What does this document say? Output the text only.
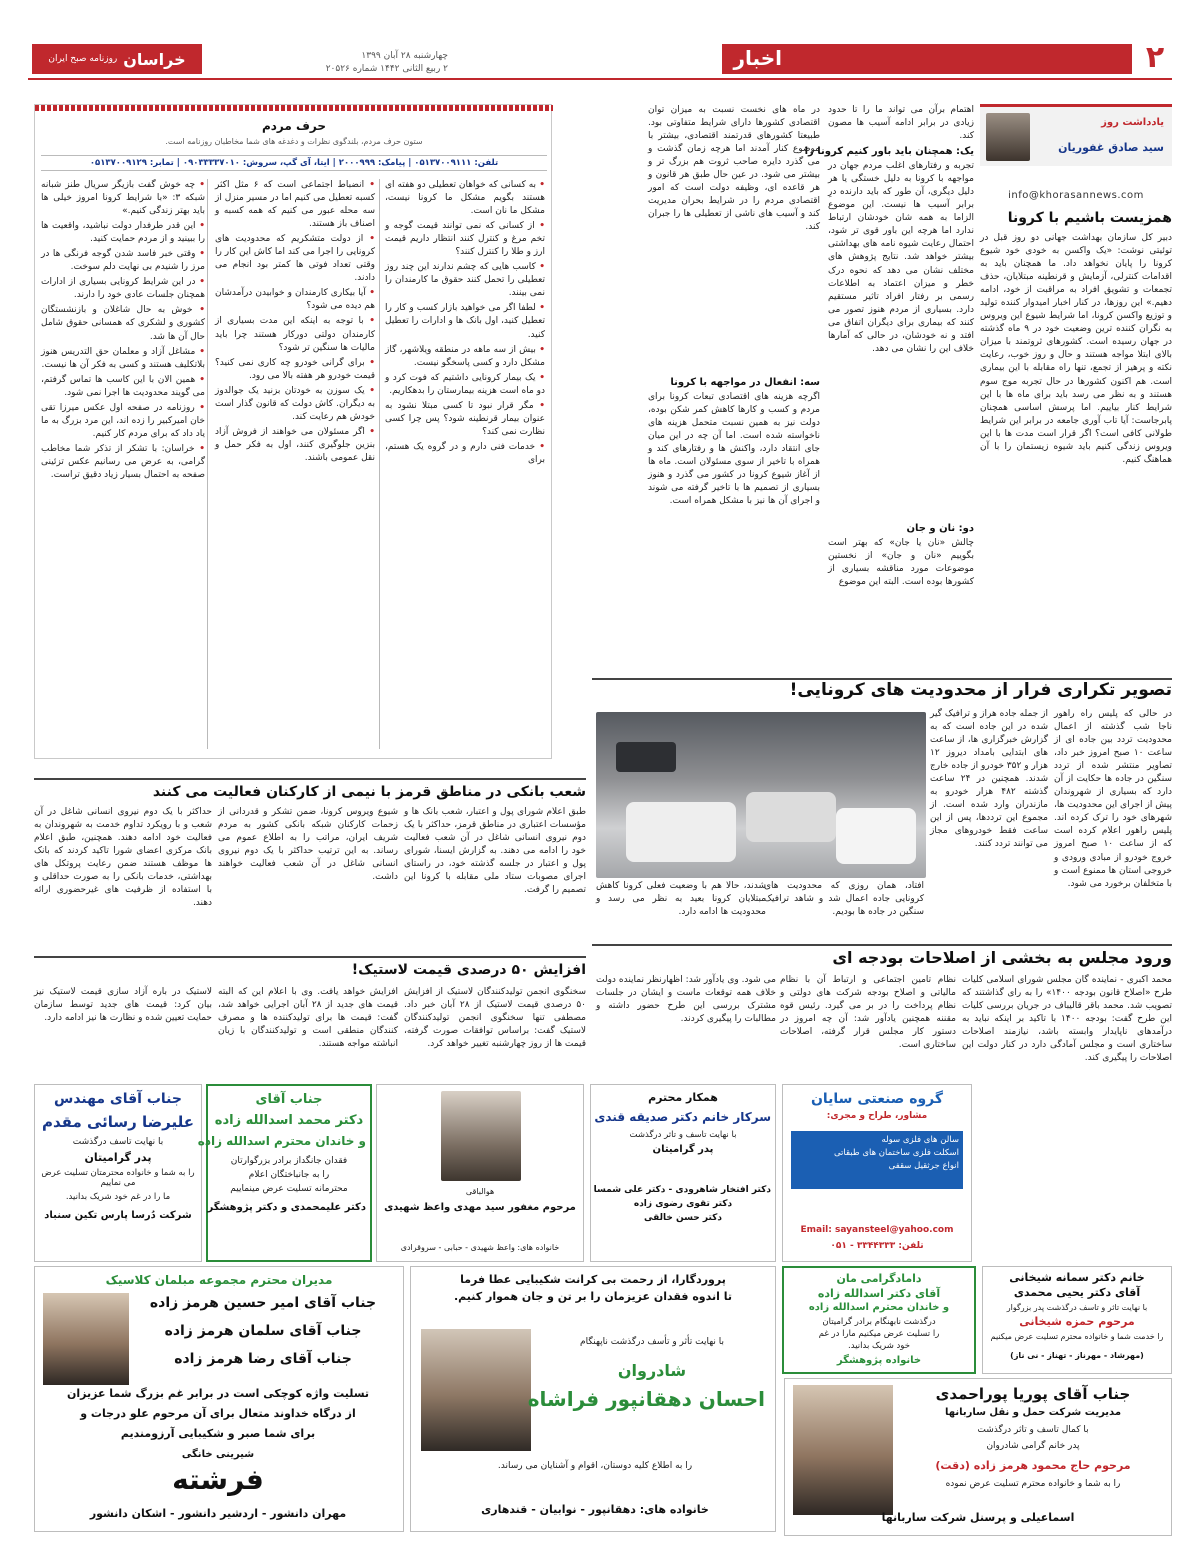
۲
اخبار
چهارشنبه ۲۸ آبان ۱۳۹۹
۲ ربیع الثانی ۱۴۴۲ شماره ۲۰۵۲۶
خراسان
روزنامه صبح ایران
یادداشت روز
سید صادق غفوریان
info@khorasannews.com
همزیست باشیم با کرونا
دبیر کل سازمان بهداشت جهانی دو روز قبل در توئیتی نوشت: «یک واکسن به خودی خود شیوع کرونا را پایان نخواهد داد. ما همچنان باید به اقدامات کنترلی، آزمایش و قرنطینه مبتلایان، حذف تجمعات و تشویق افراد به مراقبت از خود، ادامه دهیم.» این روزها، در کنار اخبار امیدوار کننده تولید و توزیع واکسن کرونا، اما شرایط شیوع این ویروس به نگران کننده ترین وضعیت خود در ۹ ماه گذشته در جهان رسیده است. کشورهای ثروتمند با میزان بالای ابتلا مواجه هستند و حال و روز خوب، رعایت نکته و پرهیز از تجمع، تنها راه مقابله با این بیماری است. هم اکنون کشورها در حال تجربه موج سوم هستند و به نظر می رسد باید برای ماه ها با این شرایط کنار بیاییم. اما پرسش اساسی همچنان پابرجاست: آیا تاب آوری جامعه در برابر این شرایط طولانی کافی است؟ اگر قرار است مدت ها با این ویروس زندگی کنیم باید شیوه زیستمان را با آن هماهنگ کنیم.
اهتمام برآن می تواند ما را تا حدود زیادی در برابر ادامه آسیب ها مصون کند.
یک: همچنان باید باور کنیم کرونا را
تجربه و رفتارهای اغلب مردم جهان در مواجهه با کرونا به دلیل خستگی یا هر دلیل دیگری، آن طور که باید دارنده درِ برابر آسیب ها نیست. این موضوع الزاما به همه شان خودشان ارتباط ندارد اما هرچه این باور قوی تر شود، احتمال رعایت شیوه نامه های بهداشتی بیشتر خواهد شد. نتایج پژوهش های مختلف نشان می دهد که نحوه درک خطر و میزان اعتماد به اطلاعات رسمی بر رفتار افراد تاثیر مستقیم دارد. بسیاری از مردم هنوز تصور می کنند که بیماری برای دیگران اتفاق می افتد و نه خودشان، در حالی که آمارها خلاف این را نشان می دهد.
دو: نان و جان
چالش «نان یا جان» که بهتر است بگوییم «نان و جان» از نخستین موضوعات مورد مناقشه بسیاری از کشورها بوده است. البته این موضوع
در ماه های نخست نسبت به میزان توان اقتصادی کشورها دارای شرایط متفاوتی بود. طبیعتا کشورهای قدرتمند اقتصادی، بیشتر با موضوع کنار آمدند اما هرچه زمان گذشت و می گذرد دایره صاحب ثروت هم بزرگ تر و بیشتر می شود. در عین حال طبق هر قانون و هر قاعده ای، وظیفه دولت است که امور اقتصادی مردم را در شرایط بحران مدیریت کند و آسیب های ناشی از تعطیلی ها را جبران کند.
سه: انفعال در مواجهه با کرونا
اگرچه هزینه های اقتصادی تبعات کرونا برای مردم و کسب و کارها کاهش کمر شکن بوده، دولت نیز به همین نسبت متحمل هزینه های ناخواسته شده است. اما آن چه در این میان جای انتقاد دارد، واکنش ها و رفتارهای کند و همراه با تاخیر از سوی مسئولان است. ماه ها از آغاز شیوع کرونا در کشور می گذرد و هنوز بسیاری از تصمیم ها با تاخیر گرفته می شوند و اجرای آن ها نیز با مشکل همراه است.
حرف مردم
ستون حرف مردم، بلندگوی نظرات و دغدغه های شما مخاطبان روزنامه است.
تلفن: ۰۵۱۳۷۰۰۹۱۱۱ | پیامک: ۲۰۰۰۹۹۹ | ایتا، آی گپ، سروش: ۰۹۰۳۳۳۳۷۰۱۰ | تمابر: ۰۵۱۳۷۰۰۹۱۲۹
• به کسانی که خواهان تعطیلی دو هفته ای هستند بگویم مشکل ما کرونا نیست، مشکل ما نان است.
• از کسانی که نمی توانند قیمت گوجه و تخم مرغ و کنترل کنند انتظار داریم قیمت ارز و طلا را کنترل کنند؟
• کاسب هایی که چشم ندارند این چند روز تعطیلی را تحمل کنند حقوق ما کارمندان را نمی بینند.
• لطفا اگر می خواهید بازار کسب و کار را تعطیل کنید، اول بانک ها و ادارات را تعطیل کنید.
• بیش از سه ماهه در منطقه ویلاشهر، گاز مشکل دارد و کسی پاسخگو نیست.
• یک بیمار کرونایی داشتیم که فوت کرد و دو ماه است هزینه بیمارستان را بدهکاریم.
• مگر قرار نبود تا کسی مبتلا نشود به عنوان بیمار قرنطینه شود؟ پس چرا کسی نظارت نمی کند؟
• خدمات فنی دارم و در گروه یک هستم، برای
• انضباط اجتماعی است که ۶ مثل اکثر کسبه تعطیل می کنیم اما در مسیر منزل از سه محله عبور می کنیم که همه کسبه و اصناف باز هستند.
• از دولت متشکریم که محدودیت های کرونایی را اجرا می کند اما کاش این کار را وقتی تعداد فوتی ها کمتر بود انجام می دادند.
• آیا بیکاری کارمندان و خوابیدن درآمدشان هم دیده می شود؟
• با توجه به اینکه این مدت بسیاری از کارمندان دولتی دورکار هستند چرا باید مالیات ها سنگین تر شود؟
• برای گرانی خودرو چه کاری نمی کنید؟ قیمت خودرو هر هفته بالا می رود.
• یک سوزن به خودتان بزنید یک جوالدوز به دیگران. کاش دولت که قانون گذار است خودش هم رعایت کند.
• اگر مسئولان می خواهند از فروش آزاد بنزین جلوگیری کنند، اول به فکر حمل و نقل عمومی باشند.
• چه خوش گفت بازیگر سریال طنز شبانه شبکه ۳: «با شرایط کرونا امروز خیلی ها باید بهتر زندگی کنیم.»
• این قدر طرفدار دولت نباشید، واقعیت ها را ببینید و از مردم حمایت کنید.
• وقتی خبر فاسد شدن گوجه فرنگی ها در مرز را شنیدم بی نهایت دلم سوخت.
• در این شرایط کرونایی بسیاری از ادارات همچنان جلسات عادی خود را دارند.
• خوش به حال شاغلان و بازنشستگان کشوری و لشکری که همسانی حقوق شامل حال آن ها شد.
• مشاغل آزاد و معلمان حق التدریس هنوز بلاتکلیف هستند و کسی به فکر آن ها نیست.
• همین الان با این کاسب ها تماس گرفتم، می گویند محدودیت ها اجرا نمی شود.
• روزنامه در صفحه اول عکس میرزا تقی خان امیرکبیر را زده اند، این مرد بزرگ به ما یاد داد که برای مردم کار کنیم.
• خراسان: با تشکر از تذکر شما مخاطب گرامی، به عرض می رسانیم عکس تزئینی صفحه به احتمال بسیار زیاد دقیق تراست.
تصویر تکراری فرار از محدودیت های کرونایی!
در حالی که پلیس راه راهور ناجا شب گذشته از اعمال محدودیت تردد بین جاده ای از ساعت ۱۰ صبح امروز خبر داد، تصاویر منتشر شده از تردد سنگین در جاده ها حکایت از آن دارد که بسیاری از شهروندان پیش از اجرای این محدودیت ها، شهرهای خود را ترک کرده اند. پلیس راهور اعلام کرده است که از ساعت ۱۰ صبح امروز خروج خودرو از مبادی ورودی و خروجی استان ها ممنوع است و با متخلفان برخورد می شود.
از جمله جاده هراز و ترافیک گیر شده در این جاده است که به گزارش خبرگزاری ها، از ساعت های ابتدایی بامداد دیروز ۱۲ هزار و ۳۵۲ خودرو از جاده خارج شدند. همچنین در ۲۴ ساعت گذشته ۴۸۲ هزار خودرو به مازندران وارد شده است. از مجموع این ترددها، پس از این ساعت فقط خودروهای مجاز می توانند تردد کنند.
افتاد، همان روزی که محدودیت های کرونایی جاده اعمال شد و شاهد ترافیک سنگین در جاده ها بودیم.
شدند، حالا هم با وضعیت فعلی کرونا کاهش مبتلایان کرونا بعید به نظر می رسد و محدودیت ها ادامه دارد.
شعب بانکی در مناطق قرمز با نیمی از کارکنان فعالیت می کنند
طبق اعلام شورای پول و اعتبار، شعب بانک ها و مؤسسات اعتباری در مناطق قرمز، حداکثر با یک دوم نیروی انسانی شاغل در آن شعب فعالیت خود را ادامه می دهند. به گزارش ایسنا، شورای پول و اعتبار در جلسه گذشته خود، در راستای اجرای مصوبات ستاد ملی مقابله با کرونا این تصمیم را گرفت.
شیوع ویروس کرونا، ضمن تشکر و قدردانی از زحمات کارکنان شبکه بانکی کشور به مردم شریف ایران، مراتب را به اطلاع عموم می رساند. به این ترتیب حداکثر با یک دوم نیروی انسانی شاغل در آن شعب فعالیت خواهند داشت.
حداکثر با یک دوم نیروی انسانی شاغل در آن شعب و با رویکرد تداوم خدمت به شهروندان به فعالیت خود ادامه دهند. همچنین، طبق اعلام بانک مرکزی اعضای شورا تاکید کردند که بانک ها موظف هستند ضمن رعایت پروتکل های بهداشتی، خدمات بانکی را به صورت حداقلی و با استفاده از ظرفیت های غیرحضوری ارائه دهند.
ورود مجلس به بخشی از اصلاحات بودجه ای
محمد اکبری - نماینده گان مجلس شورای اسلامی کلیات طرح «اصلاح قانون بودجه ۱۴۰۰» را به رای گذاشتند که تصویب شد. محمد باقر قالیباف در جریان بررسی کلیات این طرح گفت: بودجه ۱۴۰۰ با تاکید بر اینکه نباید به درآمدهای ناپایدار وابسته باشد، نیازمند اصلاحات ساختاری است و مجلس آمادگی دارد در کنار دولت این اصلاحات را پیگیری کند.
نظام تامین اجتماعی و ارتباط آن با نظام مالیاتی و اصلاح بودجه شرکت های دولتی و نظام پرداخت را در بر می گیرد. رئیس قوه مقننه همچنین یادآور شد: آن چه امروز در دستور کار مجلس قرار گرفته، اصلاحات ساختاری است.
می شود. وی یادآور شد: اظهارنظر نماینده دولت خلاف همه توقعات ماست و ایشان در جلسات مشترک بررسی این طرح حضور داشته و مطالبات را پیگیری کردند.
افزایش ۵۰ درصدی قیمت لاستیک!
سخنگوی انجمن تولیدکنندگان لاستیک از افزایش ۵۰ درصدی قیمت لاستیک از ۲۸ آبان خبر داد. مصطفی تنها سخنگوی انجمن تولیدکنندگان لاستیک گفت: براساس توافقات صورت گرفته، قیمت ها از روز چهارشنبه تغییر خواهد کرد.
افزایش خواهد یافت. وی با اعلام این که البته قیمت های جدید از ۲۸ آبان اجرایی خواهد شد، گفت: قیمت ها برای تولیدکننده ها و مصرف کنندگان منطقی است و تولیدکنندگان با زیان انباشته مواجه هستند.
لاستیک در باره آزاد سازی قیمت لاستیک نیز بیان کرد: قیمت های جدید توسط سازمان حمایت تعیین شده و نظارت ها نیز ادامه دارد.
جناب آقای مهندس
علیرضا رسائی مقدم
با نهایت تاسف درگذشت
پدر گرامیتان
را به شما و خانواده محترمتان تسلیت عرض می نماییم
ما را در غم خود شریک بدانید.
شرکت دُرسا پارس تکین سنباد
جناب آقای
دکتر محمد اسدالله زاده
و خاندان محترم اسدالله زاده
فقدان جانگداز برادر بزرگوارتان
را به جانباختگان اعلام
محترمانه تسلیت عرض مینماییم
دکتر علیمحمدی و دکتر پژوهشگر
هوالباقی
مرحوم مغفور سید مهدی واعظ شهیدی
خانواده های: واعظ شهیدی - حبابی - سروقرادی
همکار محترم
سرکار خانم دکتر صدیقه قندی
با نهایت تاسف و تاثر درگذشت
پدر گرامیتان
دکتر افتخار شاهرودی - دکتر علی شمسا
دکتر تقوی رضوی زاده
دکتر حسن خالقی
گروه صنعتی سایان
مشاور، طراح و مجری:
سالن های فلزی سوله
اسکلت فلزی ساختمان های طبقاتی
انواع جرثقیل سقفی
Email: sayansteel@yahoo.com
تلفن: ۳۳۴۴۳۳۳ - ۰۵۱
خانم دکتر سمانه شیخانی
آقای دکتر یحیی محمدی
با نهایت تاثر و تاسف درگذشت پدر بزرگوار
مرحوم حمزه شیخانی
را خدمت شما و خانواده محترم تسلیت عرض میکنیم
(مهرشاد - مهرناز - تهناز - نی ناز)
دامادگرامی مان
آقای دکتر اسدالله زاده
و خاندان محترم اسدالله زاده
درگذشت نابهنگام برادر گرامیتان
را تسلیت عرض میکنیم مارا در غم
خود شریک بدانید.
خانواده پژوهشگر
پروردگارا، از رحمت بی کرانت شکیبایی عطا فرما
تا اندوه فقدان عزیزمان را بر تن و جان هموار کنیم.
با نهایت تأثر و تأسف درگذشت ناپهنگام
شادروان
احسان دهقانپور فراشاه
را به اطلاع کلیه دوستان، اقوام و آشنایان می رساند.
خانواده های: دهقانپور - نوابیان - قندهاری
مدیران محترم مجموعه مبلمان کلاسیک
جناب آقای امیر حسین هرمز زاده
جناب آقای سلمان هرمز زاده
جناب آقای رضا هرمز زاده
تسلیت واژه کوچکی است در برابر غم بزرگ شما عزیزان
از درگاه خداوند متعال برای آن مرحوم علو درجات و
برای شما صبر و شکیبایی آرزومندیم
شیرینی خانگی
فرشته
مهران دانشور - اردشیر دانشور - اشکان دانشور
جناب آقای پوریا پوراحمدی
مدیریت شرکت حمل و نقل ساربانها
با کمال تاسف و تاثر درگذشت
پدر خانم گرامی شادروان
مرحوم حاج محمود هرمز زاده (دقت)
را به شما و خانواده محترم تسلیت عرض نموده
اسماعیلی و پرسنل شرکت ساربانها
